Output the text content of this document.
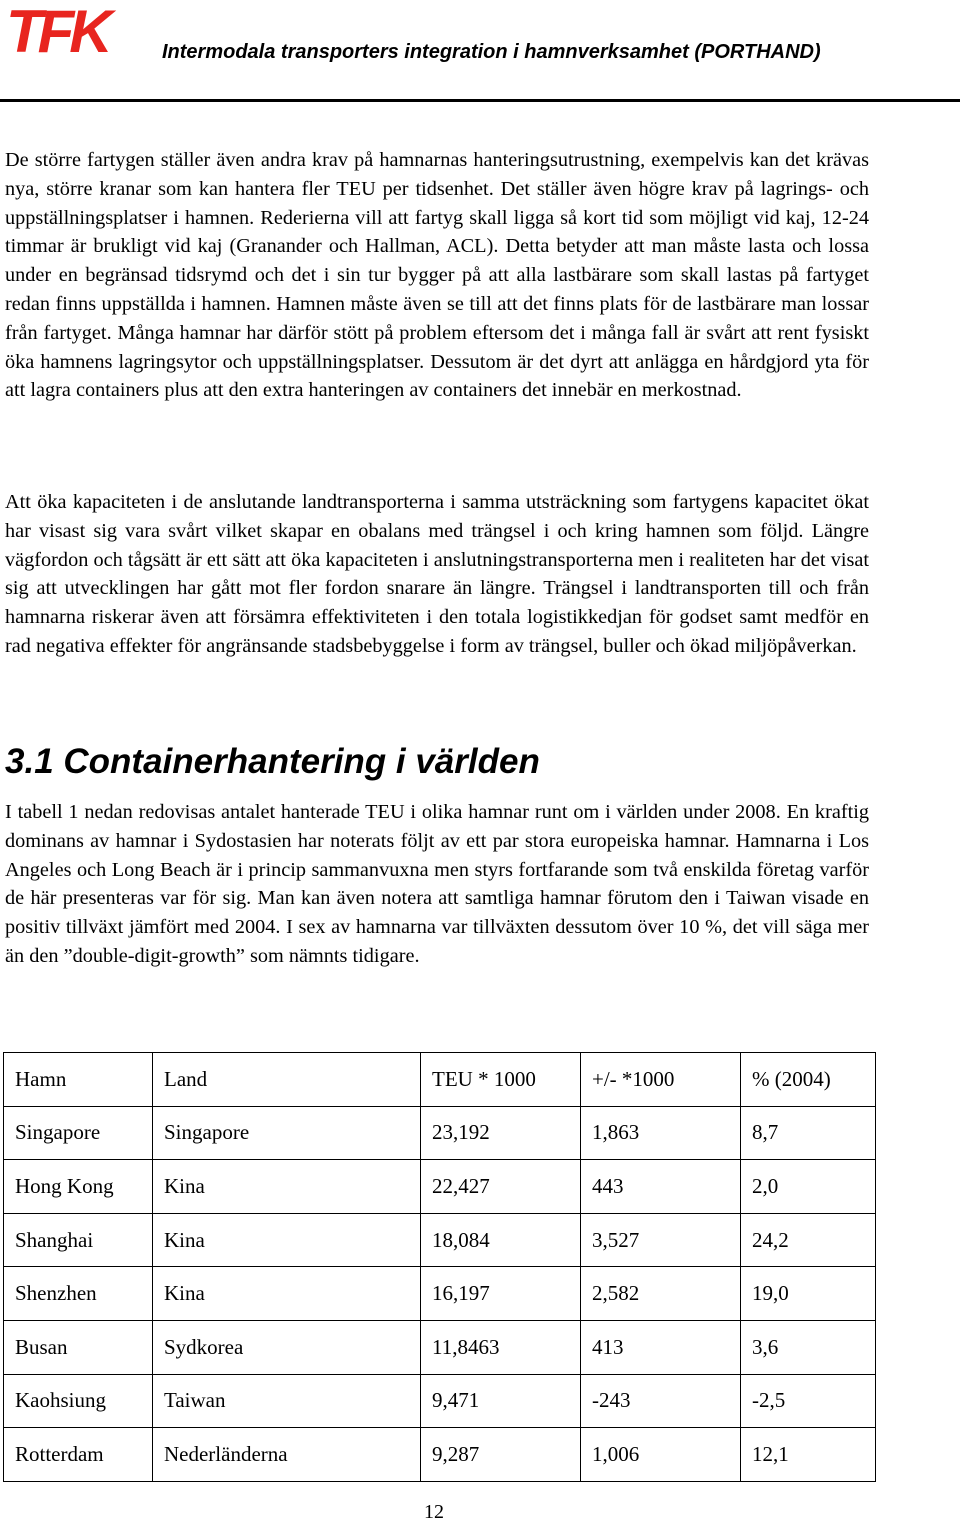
TFK	Intermodala transporters integration i hamnverksamhet (PORTHAND)

De större fartygen ställer även andra krav på hamnarnas hanteringsutrustning, exempelvis kan det krävas nya, större kranar som kan hantera fler TEU per tidsenhet. Det ställer även högre krav på lagrings- och uppställningsplatser i hamnen. Rederierna vill att fartyg skall ligga så kort tid som möjligt vid kaj, 12-24 timmar är brukligt vid kaj (Granander och Hallman, ACL). Detta betyder att man måste lasta och lossa under en begränsad tidsrymd och det i sin tur bygger på att alla lastbärare som skall lastas på fartyget redan finns uppställda i hamnen. Hamnen måste även se till att det finns plats för de lastbärare man lossar från fartyget. Många hamnar har därför stött på problem eftersom det i många fall är svårt att rent fysiskt öka hamnens lagringsytor och uppställningsplatser. Dessutom är det dyrt att anlägga en hårdgjord yta för att lagra containers plus att den extra hanteringen av containers det innebär en merkostnad.

Att öka kapaciteten i de anslutande landtransporterna i samma utsträckning som fartygens kapacitet ökat har visast sig vara svårt vilket skapar en obalans med trängsel i och kring hamnen som följd. Längre vägfordon och tågsätt är ett sätt att öka kapaciteten i anslutningstransporterna men i realiteten har det visat sig att utvecklingen har gått mot fler fordon snarare än längre. Trängsel i landtransporten till och från hamnarna riskerar även att försämra effektiviteten i den totala logistikkedjan för godset samt medför en rad negativa effekter för angränsande stadsbebyggelse i form av trängsel, buller och ökad miljöpåverkan.

3.1 Containerhantering i världen

I tabell 1 nedan redovisas antalet hanterade TEU i olika hamnar runt om i världen under 2008. En kraftig dominans av hamnar i Sydostasien har noterats följt av ett par stora europeiska hamnar. Hamnarna i Los Angeles och Long Beach är i princip sammanvuxna men styrs fortfarande som två enskilda företag varför de här presenteras var för sig. Man kan även notera att samtliga hamnar förutom den i Taiwan visade en positiv tillväxt jämfört med 2004. I sex av hamnarna var tillväxten dessutom över 10 %, det vill säga mer än den ”double-digit-growth” som nämnts tidigare.

Hamn	Land	TEU * 1000	+/- *1000	% (2004)
Singapore	Singapore	23,192	1,863	8,7
Hong Kong	Kina	22,427	443	2,0
Shanghai	Kina	18,084	3,527	24,2
Shenzhen	Kina	16,197	2,582	19,0
Busan	Sydkorea	11,8463	413	3,6
Kaohsiung	Taiwan	9,471	-243	-2,5
Rotterdam	Nederländerna	9,287	1,006	12,1
12
